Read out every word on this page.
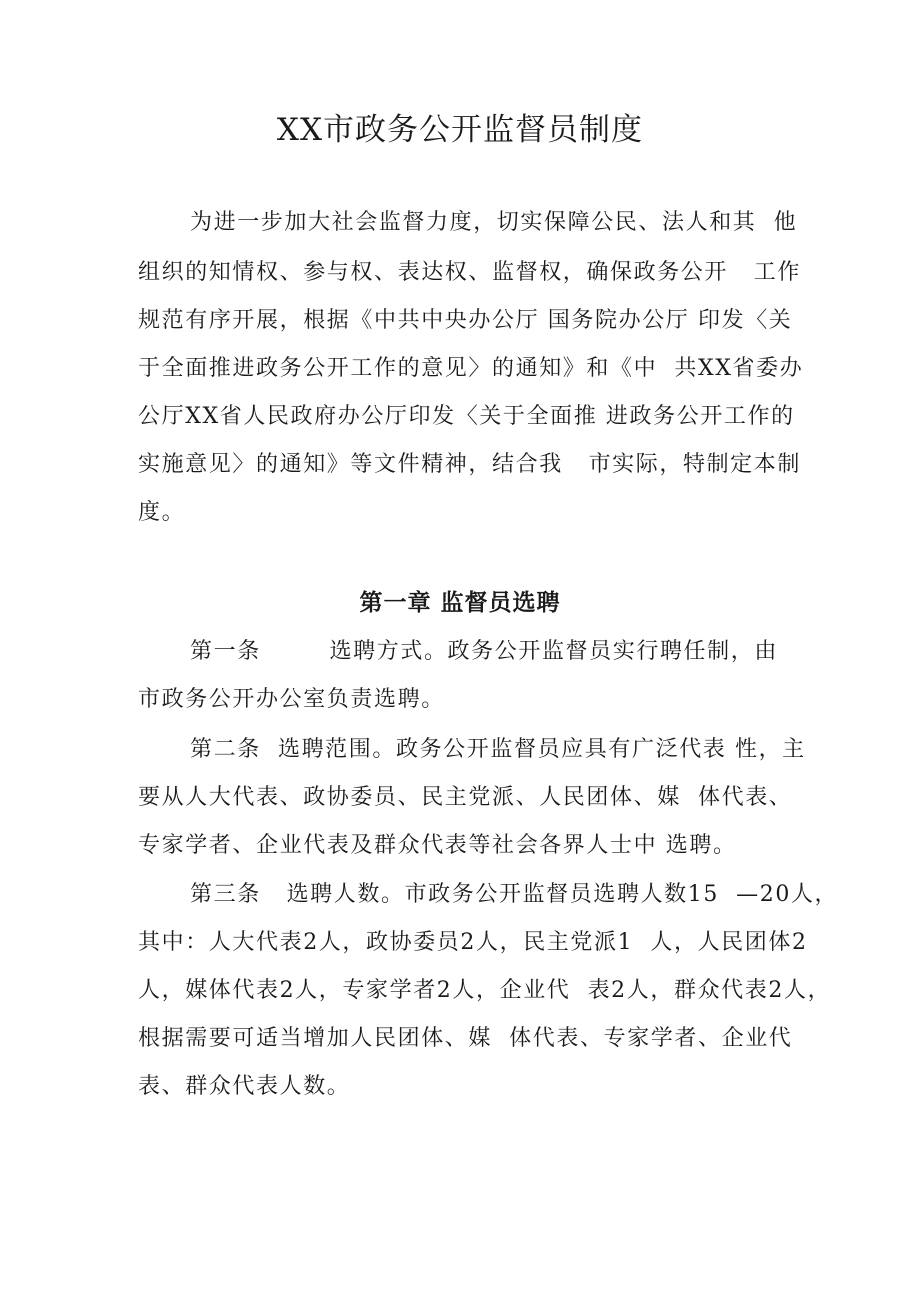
XX市政务公开监督员制度
为进一步加大社会监督力度，切实保障公民、法人和其  他
组织的知情权、参与权、表达权、监督权，确保政务公开   工作
规范有序开展，根据《中共中央办公厅 国务院办公厅 印发〈关
于全面推进政务公开工作的意见〉的通知》和《中  共XX省委办
公厅XX省人民政府办公厅印发〈关于全面推 进政务公开工作的
实施意见〉的通知》等文件精神，结合我   市实际，特制定本制
度。
第一章 监督员选聘
第一条        选聘方式。政务公开监督员实行聘任制，由
市政务公开办公室负责选聘。
第二条  选聘范围。政务公开监督员应具有广泛代表 性，主
要从人大代表、政协委员、民主党派、人民团体、媒  体代表、
专家学者、企业代表及群众代表等社会各界人士中 选聘。
第三条   选聘人数。市政务公开监督员选聘人数15  —20人，
其中：人大代表2人，政协委员2人，民主党派1  人，人民团体2
人，媒体代表2人，专家学者2人，企业代  表2人，群众代表2人，
根据需要可适当增加人民团体、媒  体代表、专家学者、企业代
表、群众代表人数。
